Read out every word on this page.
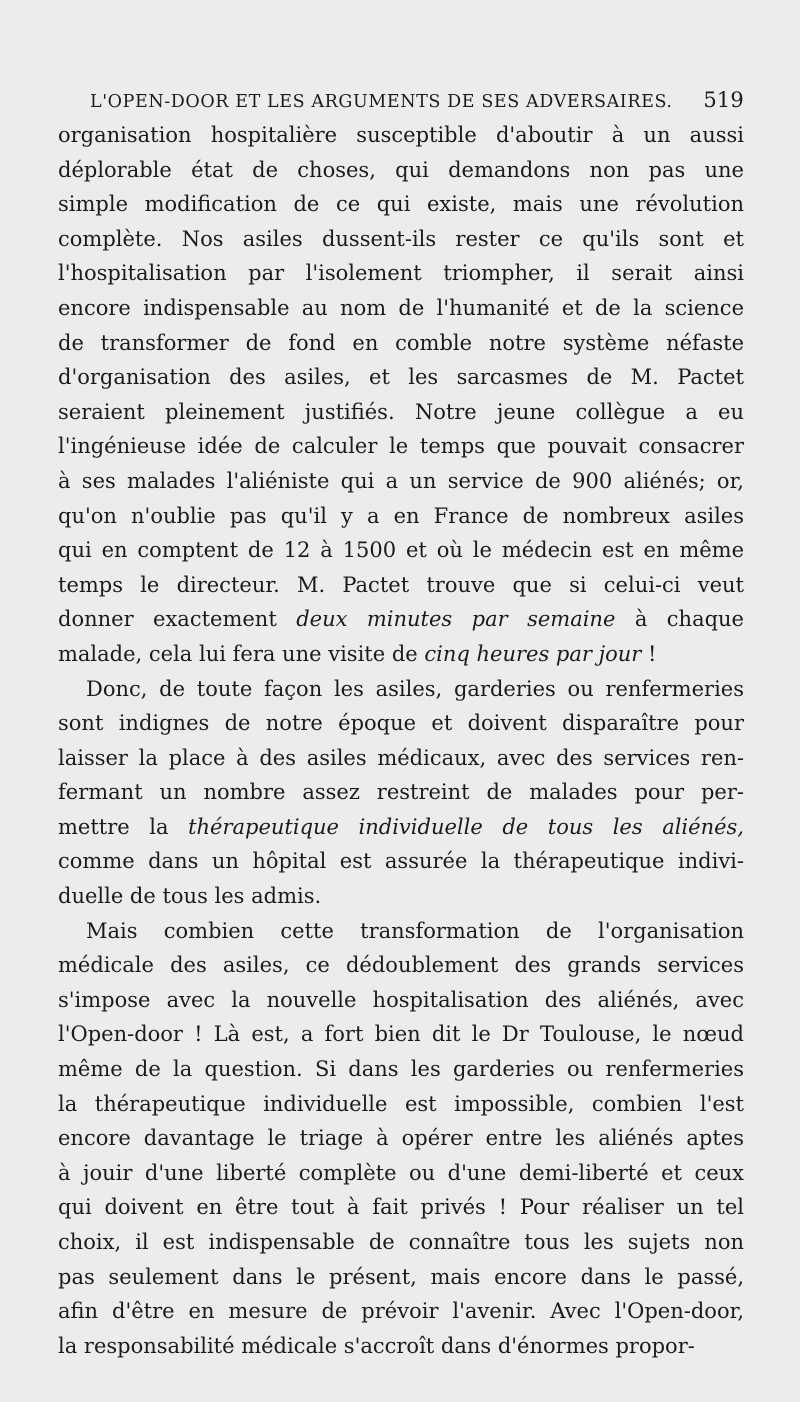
L'OPEN-DOOR ET LES ARGUMENTS DE SES ADVERSAIRES. 519
organisation hospitalière susceptible d'aboutir à un aussi
déplorable état de choses, qui demandons non pas une
simple modification de ce qui existe, mais une révolution
complète. Nos asiles dussent-ils rester ce qu'ils sont et
l'hospitalisation par l'isolement triompher, il serait ainsi
encore indispensable au nom de l'humanité et de la science
de transformer de fond en comble notre système néfaste
d'organisation des asiles, et les sarcasmes de M. Pactet
seraient pleinement justifiés. Notre jeune collègue a eu
l'ingénieuse idée de calculer le temps que pouvait consacrer
à ses malades l'aliéniste qui a un service de 900 aliénés; or,
qu'on n'oublie pas qu'il y a en France de nombreux asiles
qui en comptent de 12 à 1500 et où le médecin est en même
temps le directeur. M. Pactet trouve que si celui-ci veut
donner exactement deux minutes par semaine à chaque
malade, cela lui fera une visite de cinq heures par jour !
Donc, de toute façon les asiles, garderies ou renfermeries
sont indignes de notre époque et doivent disparaître pour
laisser la place à des asiles médicaux, avec des services ren-
fermant un nombre assez restreint de malades pour per-
mettre la thérapeutique individuelle de tous les aliénés,
comme dans un hôpital est assurée la thérapeutique indivi-
duelle de tous les admis.
Mais combien cette transformation de l'organisation
médicale des asiles, ce dédoublement des grands services
s'impose avec la nouvelle hospitalisation des aliénés, avec
l'Open-door ! Là est, a fort bien dit le Dr Toulouse, le nœud
même de la question. Si dans les garderies ou renfermeries
la thérapeutique individuelle est impossible, combien l'est
encore davantage le triage à opérer entre les aliénés aptes
à jouir d'une liberté complète ou d'une demi-liberté et ceux
qui doivent en être tout à fait privés ! Pour réaliser un tel
choix, il est indispensable de connaître tous les sujets non
pas seulement dans le présent, mais encore dans le passé,
afin d'être en mesure de prévoir l'avenir. Avec l'Open-door,
la responsabilité médicale s'accroît dans d'énormes propor-
